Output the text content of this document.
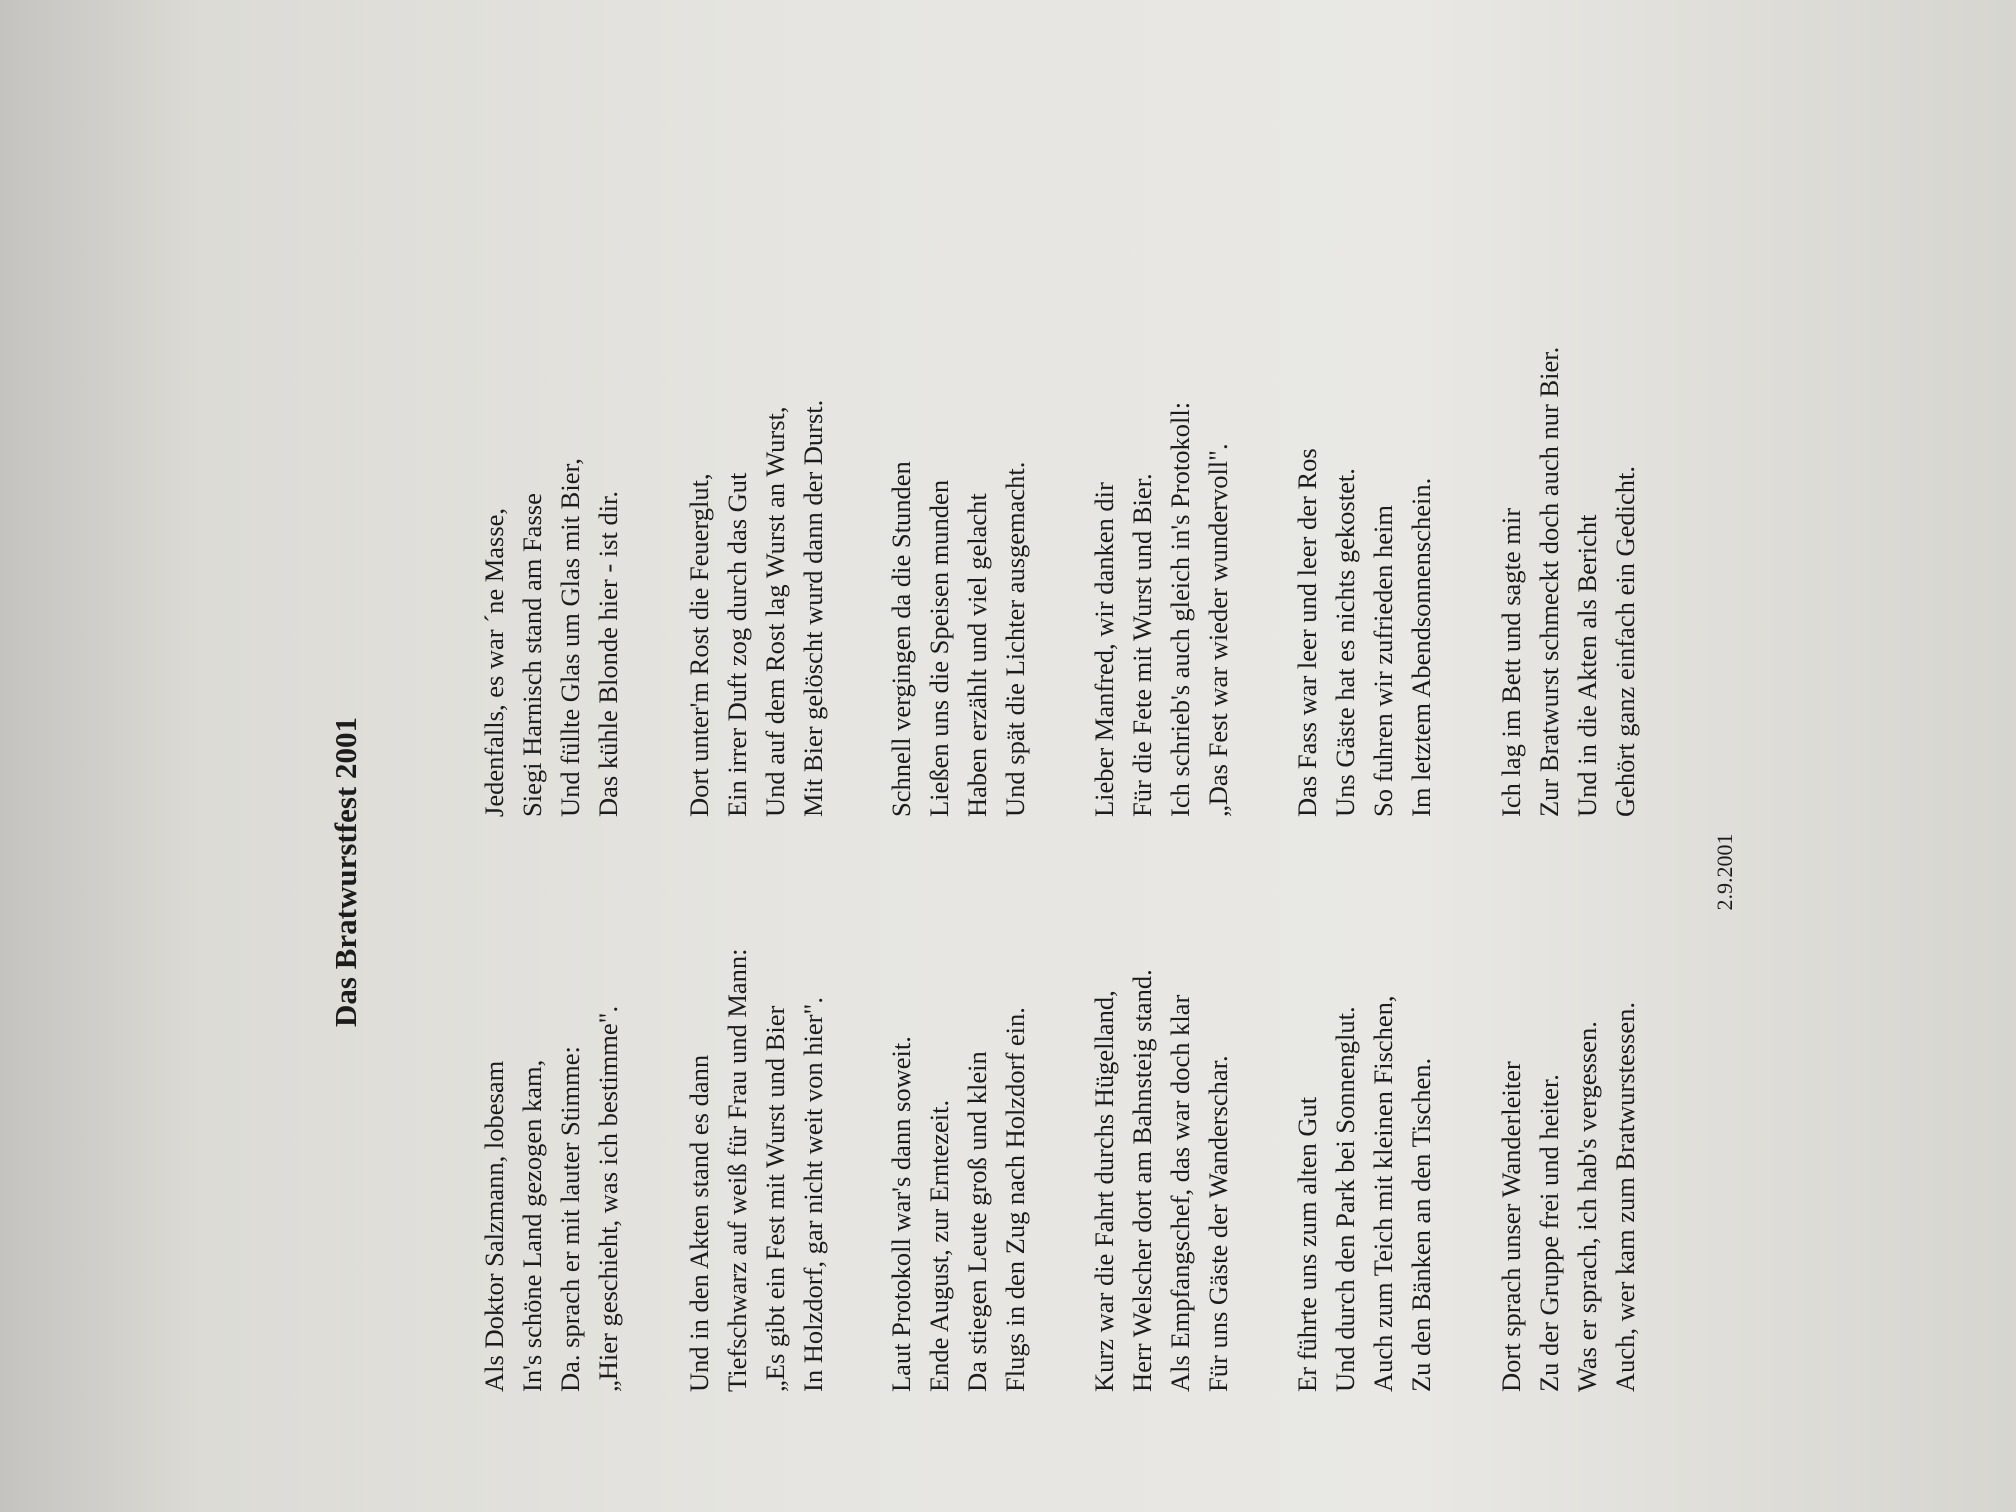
Das Bratwurstfest 2001
Als Doktor Salzmann, lobesam In's schöne Land gezogen kam, Da. sprach er mit lauter Stimme: „Hier geschieht, was ich bestimme". Und in den Akten stand es dann Tiefschwarz auf weiß für Frau und Mann: „Es gibt ein Fest mit Wurst und Bier In Holzdorf, gar nicht weit von hier". Laut Protokoll war's dann soweit. Ende August, zur Erntezeit. Da stiegen Leute groß und klein Flugs in den Zug nach Holzdorf ein. Kurz war die Fahrt durchs Hügelland, Herr Welscher dort am Bahnsteig stand. Als Empfangschef, das war doch klar Für uns Gäste der Wanderschar. Er führte uns zum alten Gut Und durch den Park bei Sonnenglut. Auch zum Teich mit kleinen Fischen, Zu den Bänken an den Tischen. Dort sprach unser Wanderleiter Zu der Gruppe frei und heiter. Was er sprach, ich hab's vergessen. Auch, wer kam zum Bratwurstessen.
Jedenfalls, es war ´ne Masse, Siegi Harnisch stand am Fasse Und füllte Glas um Glas mit Bier, Das kühle Blonde hier - ist dir. Dort unter'm Rost die Feuerglut, Ein irrer Duft zog durch das Gut Und auf dem Rost lag Wurst an Wurst, Mit Bier gelöscht wurd dann der Durst. Schnell vergingen da die Stunden Ließen uns die Speisen munden Haben erzählt und viel gelacht Und spät die Lichter ausgemacht. Lieber Manfred, wir danken dir Für die Fete mit Wurst und Bier. Ich schrieb's auch gleich in's Protokoll: „Das Fest war wieder wundervoll". Das Fass war leer und leer der Ros Uns Gäste hat es nichts gekostet. So fuhren wir zufrieden heim Im letztem Abendsonnenschein. Ich lag im Bett und sagte mir Zur Bratwurst schmeckt doch auch nur Bier. Und in die Akten als Bericht Gehört ganz einfach ein Gedicht.
2.9.2001
